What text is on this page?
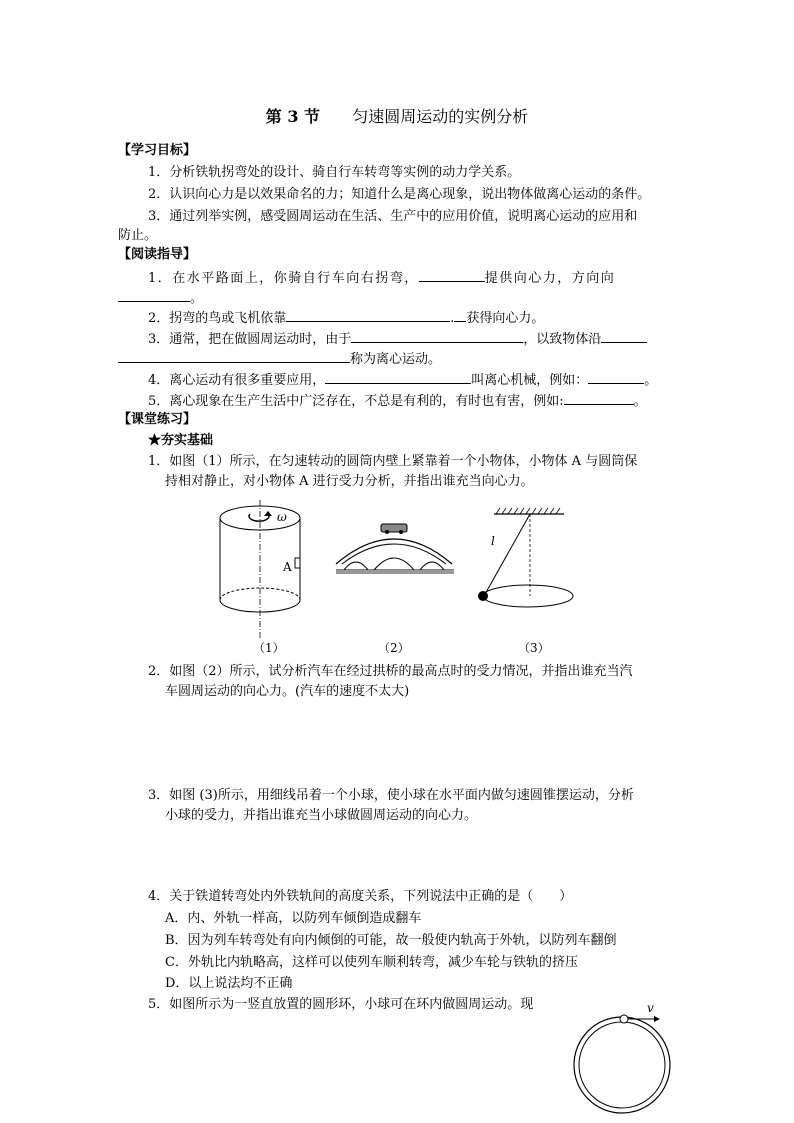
第 3 节 匀速圆周运动的实例分析
【学习目标】
1．分析铁轨拐弯处的设计、骑自行车转弯等实例的动力学关系。
2．认识向心力是以效果命名的力；知道什么是离心现象，说出物体做离心运动的条件。
3．通过列举实例，感受圆周运动在生活、生产中的应用价值，说明离心运动的应用和
防止。
【阅读指导】
1．在水平路面上，你骑自行车向右拐弯，	提供向心力，方向向
。
2．拐弯的鸟或飞机依靠	. 获得向心力。
3．通常，把在做圆周运动时，由于	，以致物体沿
称为离心运动。
4．离心运动有很多重要应用，	叫离心机械，例如：	。
5．离心现象在生产生活中广泛存在，不总是有利的，有时也有害，例如:	。
【课堂练习】
★夯实基础
1．如图（1）所示，在匀速转动的圆筒内壁上紧靠着一个小物体，小物体 A 与圆筒保
持相对静止，对小物体 A 进行受力分析，并指出谁充当向心力。
ω
A
l
（1）	（2）	（3）
2．如图（2）所示，试分析汽车在经过拱桥的最高点时的受力情况，并指出谁充当汽
车圆周运动的向心力。(汽车的速度不太大)
3．如图 (3)所示，用细线吊着一个小球，使小球在水平面内做匀速圆锥摆运动，分析
小球的受力，并指出谁充当小球做圆周运动的向心力。
4．关于铁道转弯处内外铁轨间的高度关系，下列说法中正确的是（　　）
A．内、外轨一样高，以防列车倾倒造成翻车
B．因为列车转弯处有向内倾倒的可能，故一般使内轨高于外轨，以防列车翻倒
C．外轨比内轨略高，这样可以使列车顺利转弯，减少车轮与铁轨的挤压
D．以上说法均不正确
5．如图所示为一竖直放置的圆形环，小球可在环内做圆周运动。现	v
